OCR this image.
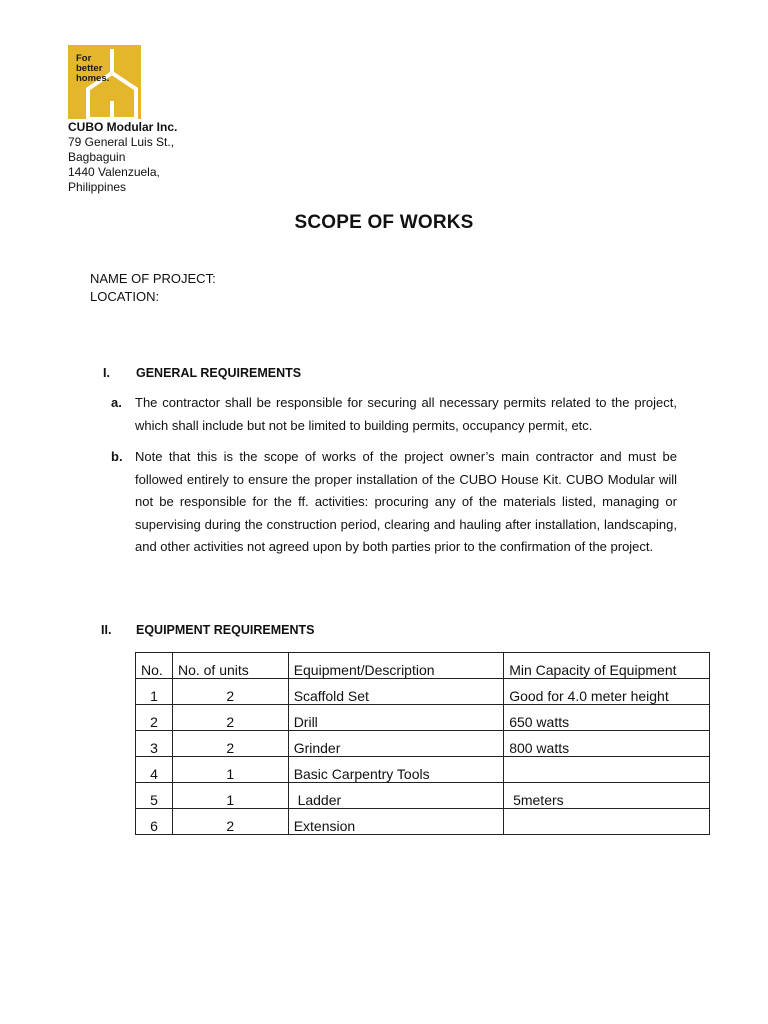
For
better
homes.
CUBO Modular Inc.
79 General Luis St.,
Bagbaguin
1440 Valenzuela,
Philippines
SCOPE OF WORKS
NAME OF PROJECT:
LOCATION:
I. GENERAL REQUIREMENTS
a. The contractor shall be responsible for securing all necessary permits related to the project, which shall include but not be limited to building permits, occupancy permit, etc.
b. Note that this is the scope of works of the project owner’s main contractor and must be followed entirely to ensure the proper installation of the CUBO House Kit. CUBO Modular will not be responsible for the ff. activities: procuring any of the materials listed, managing or supervising during the construction period, clearing and hauling after installation, landscaping, and other activities not agreed upon by both parties prior to the confirmation of the project.
II. EQUIPMENT REQUIREMENTS
No.	No. of units	Equipment/Description	Min Capacity of Equipment
1	2	Scaffold Set	Good for 4.0 meter height
2	2	Drill	650 watts
3	2	Grinder	800 watts
4	1	Basic Carpentry Tools	
5	1	Ladder	5meters
6	2	Extension	
